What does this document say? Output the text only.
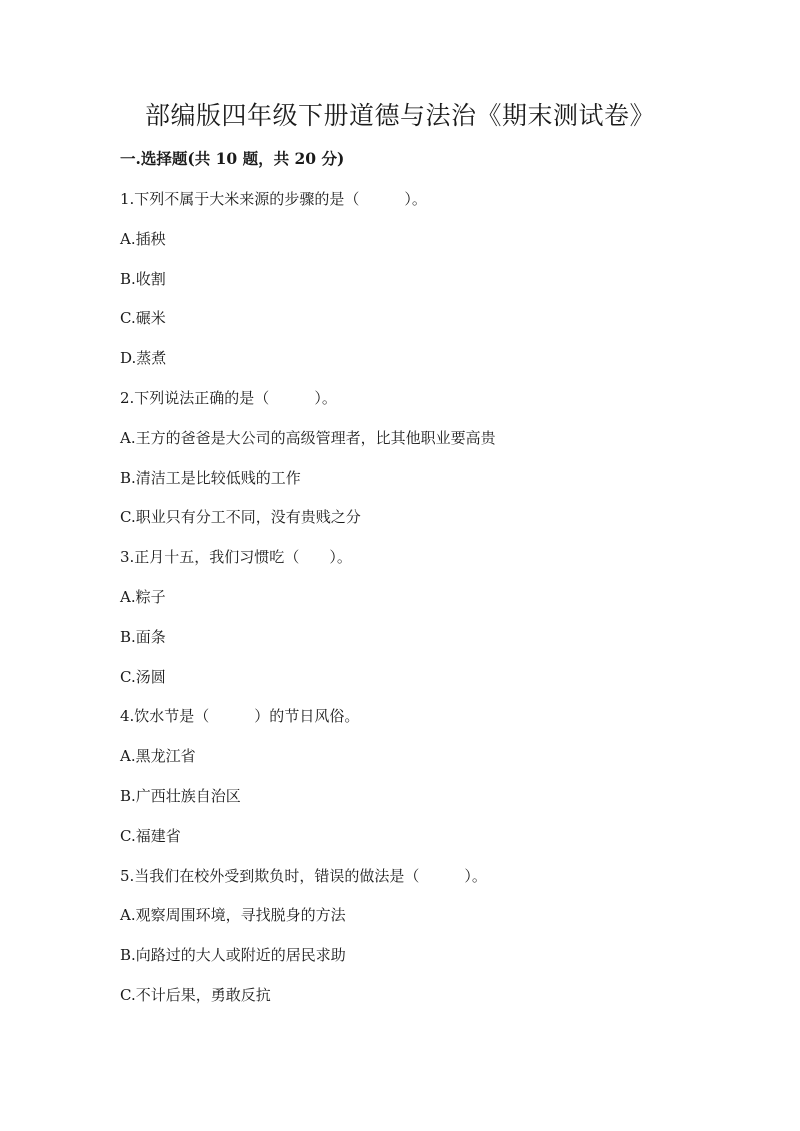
部编版四年级下册道德与法治《期末测试卷》
一.选择题(共 10 题，共 20 分)
1.下列不属于大米来源的步骤的是（　　　）。
A.插秧
B.收割
C.碾米
D.蒸煮
2.下列说法正确的是（　　　）。
A.王方的爸爸是大公司的高级管理者，比其他职业要高贵
B.清洁工是比较低贱的工作
C.职业只有分工不同，没有贵贱之分
3.正月十五，我们习惯吃（　　）。
A.粽子
B.面条
C.汤圆
4.饮水节是（　　　）的节日风俗。
A.黑龙江省
B.广西壮族自治区
C.福建省
5.当我们在校外受到欺负时，错误的做法是（　　　）。
A.观察周围环境，寻找脱身的方法
B.向路过的大人或附近的居民求助
C.不计后果，勇敢反抗
